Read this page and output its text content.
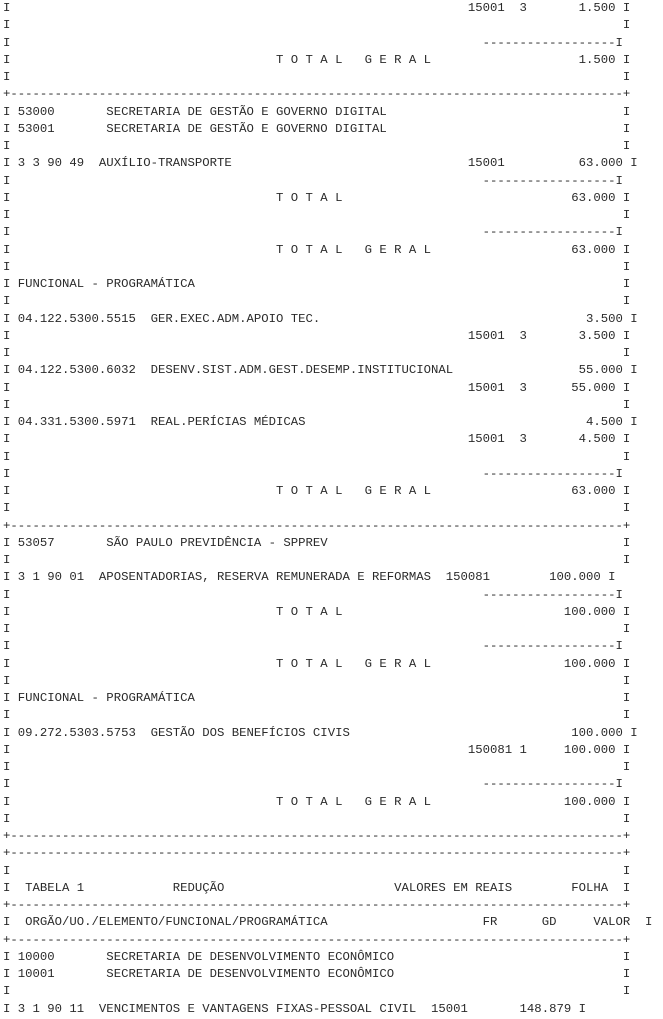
I                                                              15001  3       1.500 I
I                                                                                   I
I                                                                ------------------I
I                                    T O T A L   G E R A L                    1.500 I
I                                                                                   I
+-----------------------------------------------------------------------------------+
I 53000       SECRETARIA DE GESTÃO E GOVERNO DIGITAL                                I
I 53001       SECRETARIA DE GESTÃO E GOVERNO DIGITAL                                I
I                                                                                   I
I 3 3 90 49  AUXÍLIO-TRANSPORTE                                15001          63.000 I
I                                                                ------------------I
I                                    T O T A L                               63.000 I
I                                                                                   I
I                                                                ------------------I
I                                    T O T A L   G E R A L                   63.000 I
I                                                                                   I
I FUNCIONAL - PROGRAMÁTICA                                                          I
I                                                                                   I
I 04.122.5300.5515  GER.EXEC.ADM.APOIO TEC.                                    3.500 I
I                                                              15001  3       3.500 I
I                                                                                   I
I 04.122.5300.6032  DESENV.SIST.ADM.GEST.DESEMP.INSTITUCIONAL                 55.000 I
I                                                              15001  3      55.000 I
I                                                                                   I
I 04.331.5300.5971  REAL.PERÍCIAS MÉDICAS                                      4.500 I
I                                                              15001  3       4.500 I
I                                                                                   I
I                                                                ------------------I
I                                    T O T A L   G E R A L                   63.000 I
I                                                                                   I
+-----------------------------------------------------------------------------------+
I 53057       SÃO PAULO PREVIDÊNCIA - SPPREV                                        I
I                                                                                   I
I 3 1 90 01  APOSENTADORIAS, RESERVA REMUNERADA E REFORMAS  150081        100.000 I
I                                                                ------------------I
I                                    T O T A L                              100.000 I
I                                                                                   I
I                                                                ------------------I
I                                    T O T A L   G E R A L                  100.000 I
I                                                                                   I
I FUNCIONAL - PROGRAMÁTICA                                                          I
I                                                                                   I
I 09.272.5303.5753  GESTÃO DOS BENEFÍCIOS CIVIS                              100.000 I
I                                                              150081 1     100.000 I
I                                                                                   I
I                                                                ------------------I
I                                    T O T A L   G E R A L                  100.000 I
I                                                                                   I
+-----------------------------------------------------------------------------------+
+-----------------------------------------------------------------------------------+
I                                                                                   I
I  TABELA 1            REDUÇÃO                       VALORES EM REAIS        FOLHA  I
+-----------------------------------------------------------------------------------+
I  ORGÃO/UO./ELEMENTO/FUNCIONAL/PROGRAMÁTICA                     FR      GD     VALOR  I
+-----------------------------------------------------------------------------------+
I 10000       SECRETARIA DE DESENVOLVIMENTO ECONÔMICO                               I
I 10001       SECRETARIA DE DESENVOLVIMENTO ECONÔMICO                               I
I                                                                                   I
I 3 1 90 11  VENCIMENTOS E VANTAGENS FIXAS-PESSOAL CIVIL  15001       148.879 I
